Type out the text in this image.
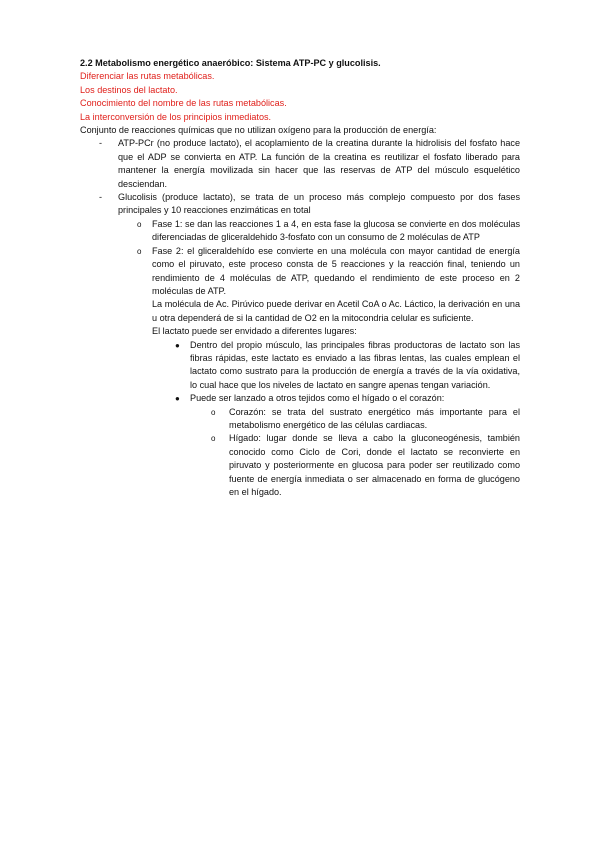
2.2 Metabolismo energético anaeróbico: Sistema ATP-PC y glucolisis.

Diferenciar las rutas metabólicas.

Los destinos del lactato.

Conocimiento del nombre de las rutas metabólicas.

La interconversión de los principios inmediatos.

Conjunto de reacciones químicas que no utilizan oxígeno para la producción de energía:

-	ATP-PCr (no produce lactato), el acoplamiento de la creatina durante la hidrolisis del fosfato hace que el ADP se convierta en ATP. La función de la creatina es reutilizar el fosfato liberado para mantener la energía movilizada sin hacer que las reservas de ATP del músculo esquelético desciendan.
-	Glucolisis (produce lactato), se trata de un proceso más complejo compuesto por dos fases principales y 10 reacciones enzimáticas en total
o	Fase 1: se dan las reacciones 1 a 4, en esta fase la glucosa se convierte en dos moléculas diferenciadas de gliceraldehido 3-fosfato con un consumo de 2 moléculas de ATP
o	Fase 2: el gliceraldehído ese convierte en una molécula con mayor cantidad de energía como el piruvato, este proceso consta de 5 reacciones y la reacción final, teniendo un rendimiento de 4 moléculas de ATP, quedando el rendimiento de este proceso en 2 moléculas de ATP.

La molécula de Ac. Pirúvico puede derivar en Acetil CoA o Ac. Láctico, la derivación en una u otra dependerá de si la cantidad de O2 en la mitocondria celular es suficiente.

El lactato puede ser envidado a diferentes lugares:

●	Dentro del propio músculo, las principales fibras productoras de lactato son las fibras rápidas, este lactato es enviado a las fibras lentas, las cuales emplean el lactato como sustrato para la producción de energía a través de la vía oxidativa, lo cual hace que los niveles de lactato en sangre apenas tengan variación.
●	Puede ser lanzado a otros tejidos como el hígado o el corazón:
o	Corazón: se trata del sustrato energético más importante para el metabolismo energético de las células cardiacas.
o	Hígado: lugar donde se lleva a cabo la gluconeogénesis, también conocido como Ciclo de Cori, donde el lactato se reconvierte en piruvato y posteriormente en glucosa para poder ser reutilizado como fuente de energía inmediata o ser almacenado en forma de glucógeno en el hígado.
